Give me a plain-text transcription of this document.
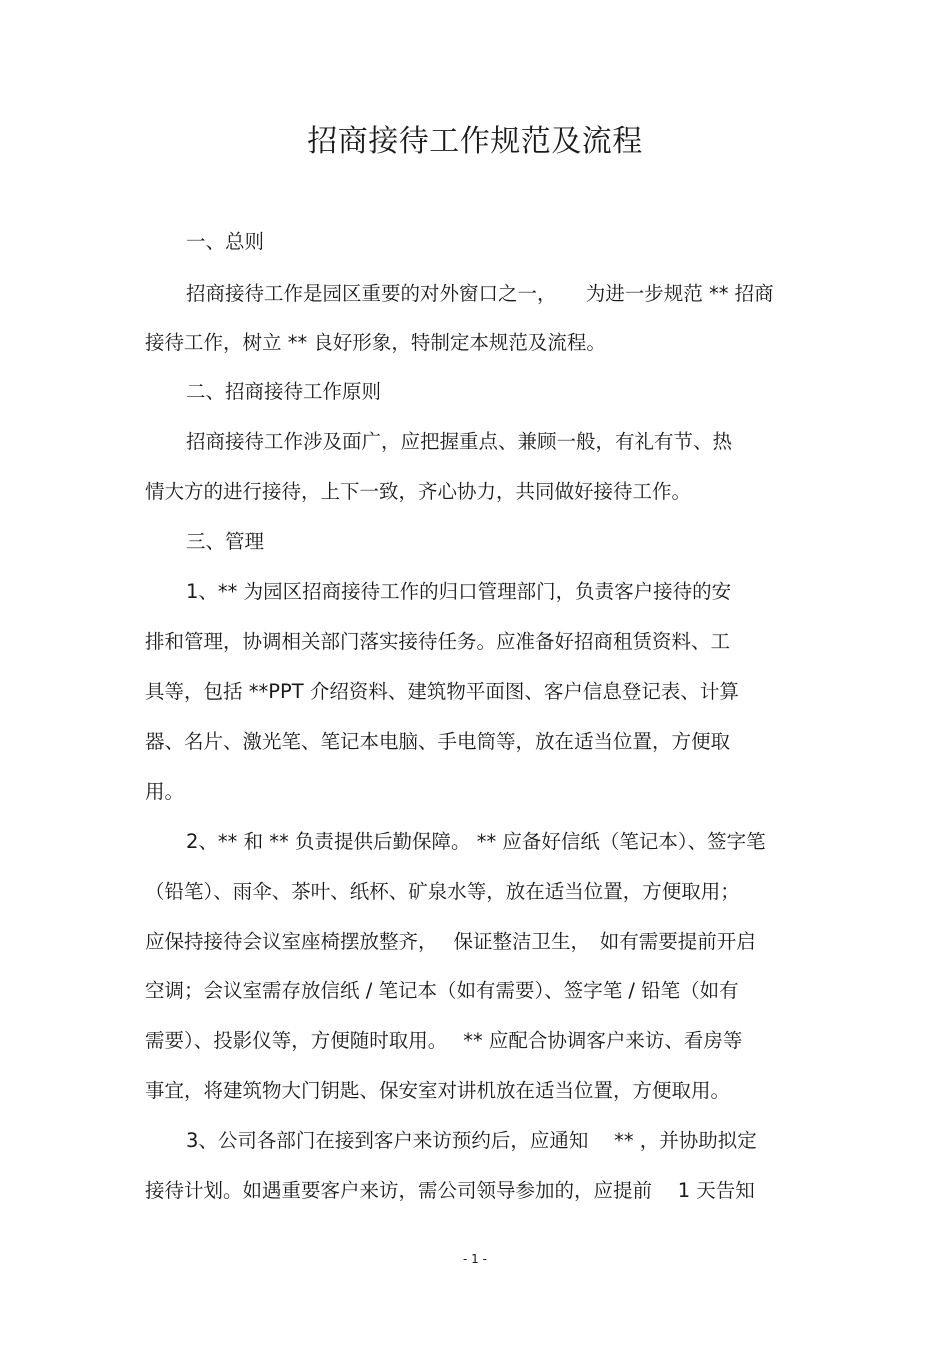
招商接待工作规范及流程
一、总则
招商接待工作是园区重要的对外窗口之一，　　为进一步规范 ** 招商
接待工作，树立 ** 良好形象，特制定本规范及流程。
二、招商接待工作原则
招商接待工作涉及面广，应把握重点、兼顾一般，有礼有节、热
情大方的进行接待，上下一致，齐心协力，共同做好接待工作。
三、管理
1、** 为园区招商接待工作的归口管理部门，负责客户接待的安
排和管理，协调相关部门落实接待任务。应准备好招商租赁资料、工
具等，包括 **PPT 介绍资料、建筑物平面图、客户信息登记表、计算
器、名片、激光笔、笔记本电脑、手电筒等，放在适当位置，方便取
用。
2、** 和 ** 负责提供后勤保障。 ** 应备好信纸（笔记本）、签字笔
（铅笔）、雨伞、茶叶、纸杯、矿泉水等，放在适当位置，方便取用；
应保持接待会议室座椅摆放整齐，　 保证整洁卫生，　如有需要提前开启
空调；会议室需存放信纸 / 笔记本（如有需要）、签字笔 / 铅笔（如有
需要）、投影仪等，方便随时取用。　 ** 应配合协调客户来访、看房等
事宜，将建筑物大门钥匙、保安室对讲机放在适当位置，方便取用。
3、公司各部门在接到客户来访预约后，应通知　 ** ，并协助拟定
接待计划。如遇重要客户来访，需公司领导参加的，应提前　 1 天告知
- 1 -
